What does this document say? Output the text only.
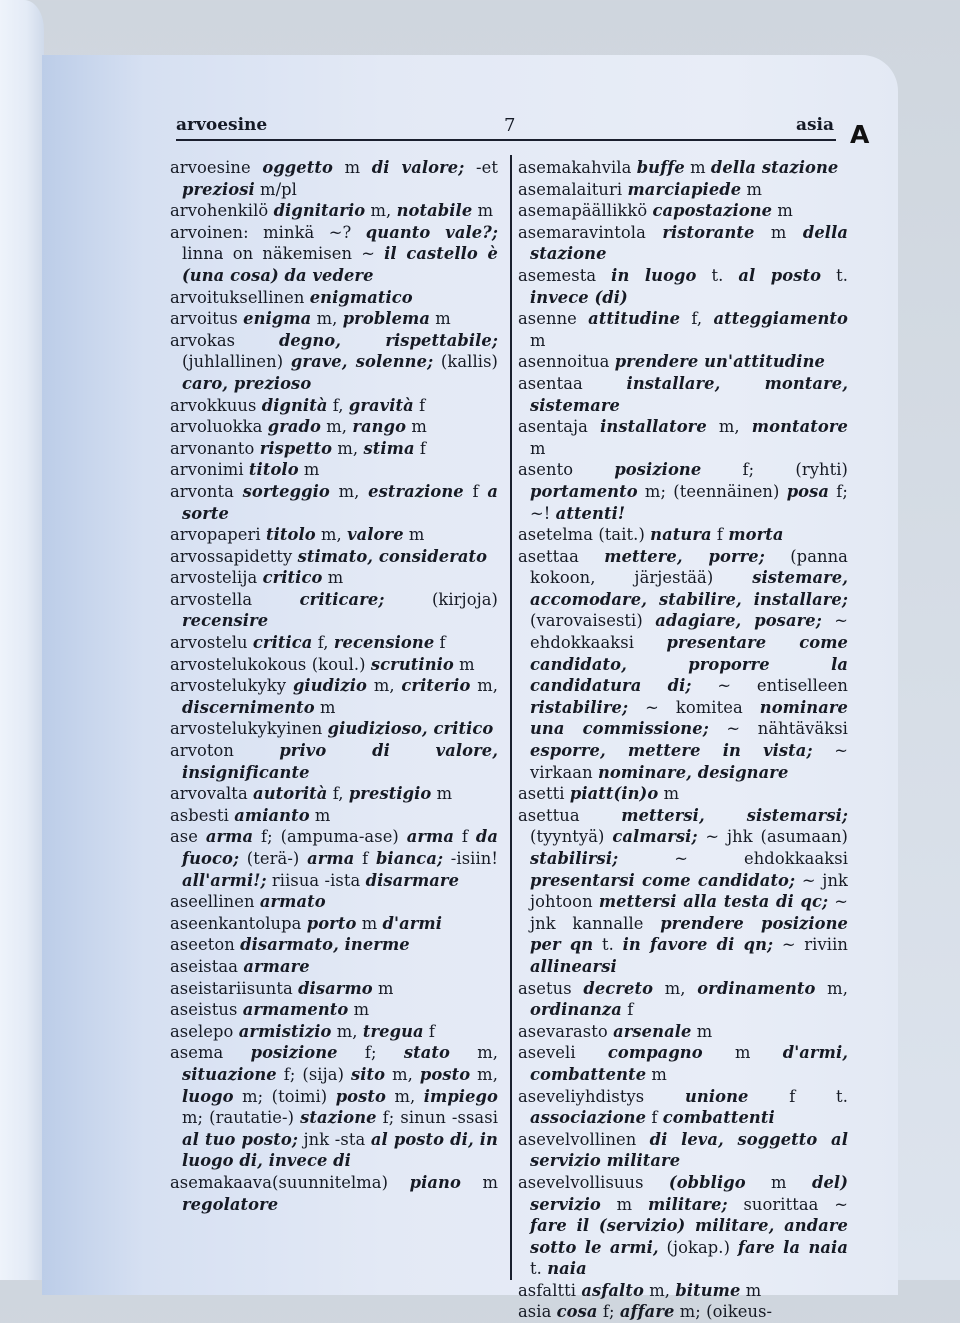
arvoesine	7	asia A

arvoesine oggetto m di valore; -et preziosi m/pl

arvohenkilö dignitario m, notabile m

arvoinen: minkä ~? quanto vale?; linna on näkemisen ~ il castello è (una cosa) da vedere

arvoituksellinen enigmatico

arvoitus enigma m, problema m

arvokas	degno, rispettabile; (juhlallinen) grave, solenne; (kallis) caro, prezioso

arvokkuus dignità f, gravità f

arvoluokka grado m, rango m

arvonanto rispetto m, stima f

arvonimi titolo m

arvonta sorteggio m, estrazione f a sorte

arvopaperi titolo m, valore m

arvossapidetty stimato, considerato

arvostelija critico m

arvostella	criticare; (kirjoja) recensire

arvostelu critica f, recensione f

arvostelukokous (koul.) scrutinio m

arvostelukyky giudizio m, criterio m, discernimento m

arvostelukykyinen giudizioso, critico

arvoton	privo di valore, insignificante

arvovalta autorità f, prestigio m

asbesti amianto m

ase arma f; (ampuma-ase) arma f da fuoco; (terä-) arma f bianca; -isiin! all'armi!; riisua -ista disarmare

aseellinen armato

aseenkantolupa porto m d'armi

aseeton disarmato, inerme

aseistaa armare

aseistariisunta disarmo m

aseistus armamento m

aselepo armistizio m, tregua f

asema posizione f; stato m, situazione f; (sija) sito m, posto m, luogo m; (toimi) posto m, impiego m; (rautatie-) stazione f; sinun -ssasi al tuo posto; jnk -sta al posto di, in luogo di, invece di

asemakaava(suunnitelma) piano m regolatore

asemakahvila buffe m della stazione

asemalaituri marciapiede m

asemapäällikkö capostazione m

asemaravintola ristorante m della stazione

asemesta in luogo t. al posto t. invece (di)

asenne attitudine f, atteggiamento m

asennoitua prendere un'attitudine

asentaa	installare, montare, sistemare

asentaja installatore m, montatore m

asento	posizione f; (ryhti) portamento m; (teennäinen) posa f; ~! attenti!

asetelma (tait.) natura f morta

asettaa mettere, porre; (panna kokoon, järjestää) sistemare, accomodare, stabilire, installare; (varovaisesti) adagiare, posare; ~ ehdokkaaksi presentare come candidato, proporre la candidatura di; ~ entiselleen ristabilire; ~ komitea nominare una commissione; ~ nähtäväksi esporre, mettere in vista; ~ virkaan nominare, designare

asetti piatt(in)o m

asettua	mettersi, sistemarsi; (tyyntyä) calmarsi; ~ jhk (asumaan) stabilirsi; ~ ehdokkaaksi presentarsi come candidato; ~ jnk johtoon mettersi alla testa di qc; ~ jnk kannalle prendere posizione per qn t. in favore di qn; ~ riviin allinearsi

asetus decreto m, ordinamento m, ordinanza f

asevarasto arsenale m

aseveli compagno m d'armi, combattente m

aseveliyhdistys unione f t. associazione f combattenti

asevelvollinen di leva, soggetto al servizio militare

asevelvollisuus (obbligo m del) servizio m militare; suorittaa ~ fare il (servizio) militare, andare sotto le armi, (jokap.) fare la naia t. naia

asfaltti asfalto m, bitume m

asia cosa f; affare m; (oikeus-
